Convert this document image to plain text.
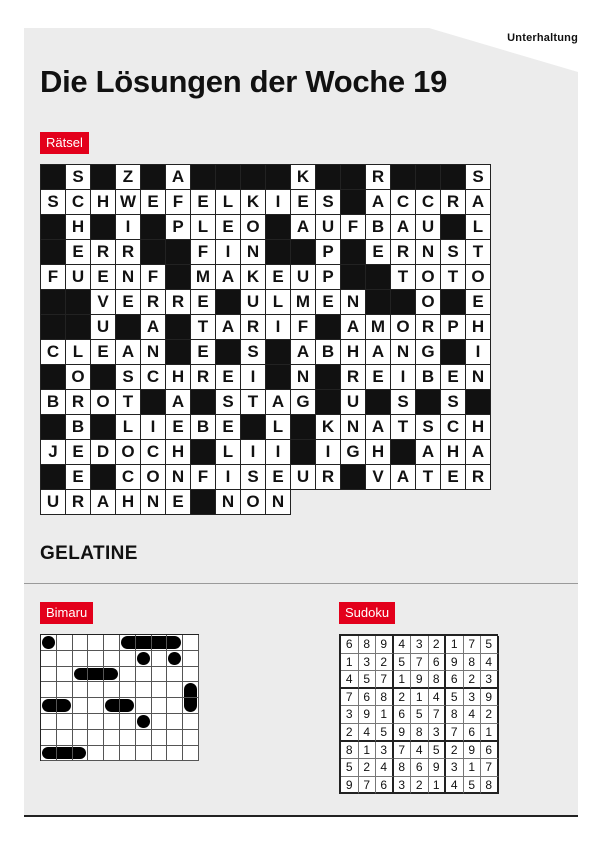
Unterhaltung
Die Lösungen der Woche 19
Rätsel
S	Z	A	K	R	S
S C H W E F E L K I E S	A C C R A
H	I	P L E O	A U F B A U	L
E R R	F	I N	P	E R N S T
F U E N F	M A K E U P	T O T O
V E R R E	U L M E N	O	E
U	A	T A R I	F	A M O R P H
C L E A N	E	S	A B H A N G	I
O	S C H R E I	N	R E I B E N
B R O T	A	S T A G	U	S	S
B	L	I E B E	L	K N A T S C H
J E D O C H	L	I	I	I G H	A H A
E	C O N F	I S E U R	V A T E R
U R A H N E	N O N
GELATINE
Bimaru	Sudoku
6 8 9 4 3 2 1 7 5
1 3 2 5 7 6 9 8 4
4 5 7 1 9 8 6 2 3
7 6 8 2 1 4 5 3 9
3 9 1 6 5 7 8 4 2
2 4 5 9 8 3 7 6 1
8 1 3 7 4 5 2 9 6
5 2 4 8 6 9 3 1 7
9 7 6 3 2 1 4 5 8
